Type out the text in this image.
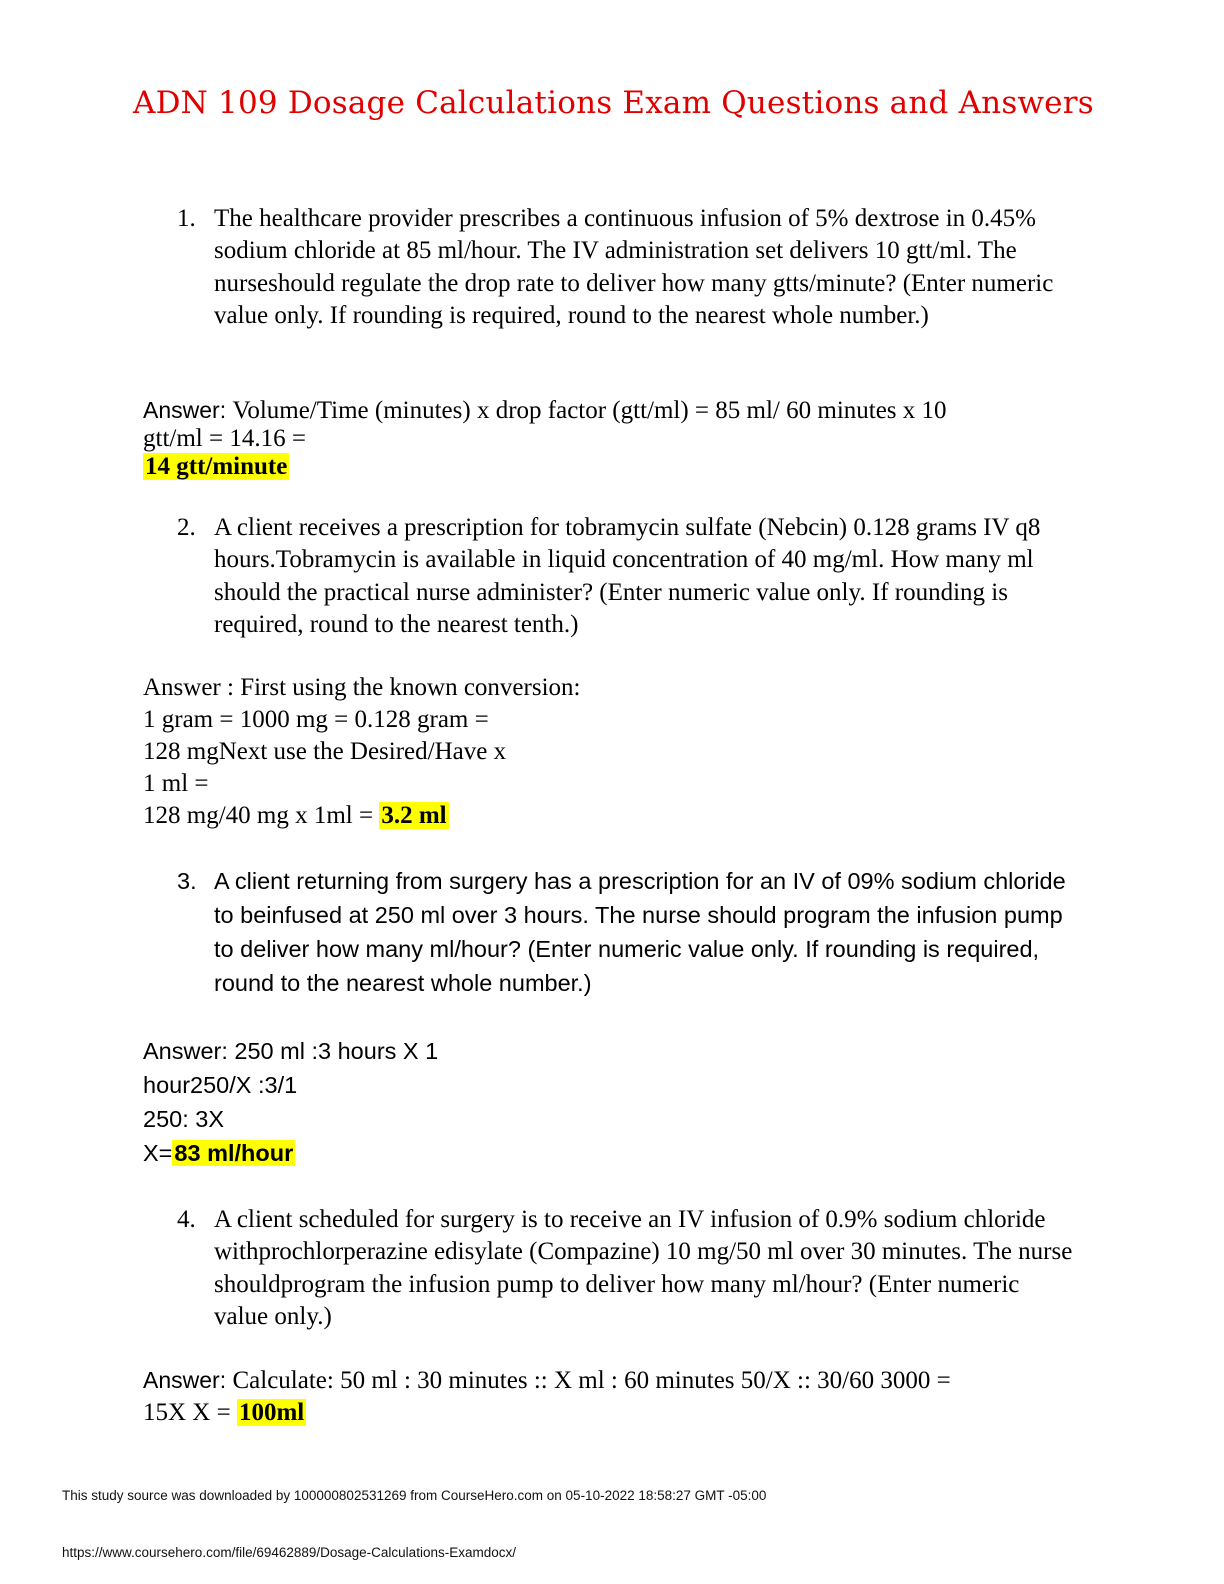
ADN 109 Dosage Calculations Exam Questions and Answers
1. The healthcare provider prescribes a continuous infusion of 5% dextrose in 0.45% sodium chloride at 85 ml/hour. The IV administration set delivers 10 gtt/ml. The nurseshould regulate the drop rate to deliver how many gtts/minute? (Enter numeric value only. If rounding is required, round to the nearest whole number.)
Answer: Volume/Time (minutes) x drop factor (gtt/ml) = 85 ml/ 60 minutes x 10
gtt/ml = 14.16 =
14 gtt/minute
2. A client receives a prescription for tobramycin sulfate (Nebcin) 0.128 grams IV q8 hours.Tobramycin is available in liquid concentration of 40 mg/ml. How many ml should the practical nurse administer? (Enter numeric value only. If rounding is required, round to the nearest tenth.)
Answer : First using the known conversion:
1 gram = 1000 mg = 0.128 gram =
128 mgNext use the Desired/Have x
1 ml =
128 mg/40 mg x 1ml = 3.2 ml
3. A client returning from surgery has a prescription for an IV of 09% sodium chloride to beinfused at 250 ml over 3 hours. The nurse should program the infusion pump to deliver how many ml/hour? (Enter numeric value only. If rounding is required, round to the nearest whole number.)
Answer: 250 ml :3 hours X 1
hour250/X :3/1
250: 3X
X=83 ml/hour
4. A client scheduled for surgery is to receive an IV infusion of 0.9% sodium chloride withprochlorperazine edisylate (Compazine) 10 mg/50 ml over 30 minutes. The nurse shouldprogram the infusion pump to deliver how many ml/hour? (Enter numeric value only.)
Answer: Calculate: 50 ml : 30 minutes :: X ml : 60 minutes 50/X :: 30/60 3000 =
15X X = 100ml
This study source was downloaded by 100000802531269 from CourseHero.com on 05-10-2022 18:58:27 GMT -05:00
https://www.coursehero.com/file/69462889/Dosage-Calculations-Examdocx/
